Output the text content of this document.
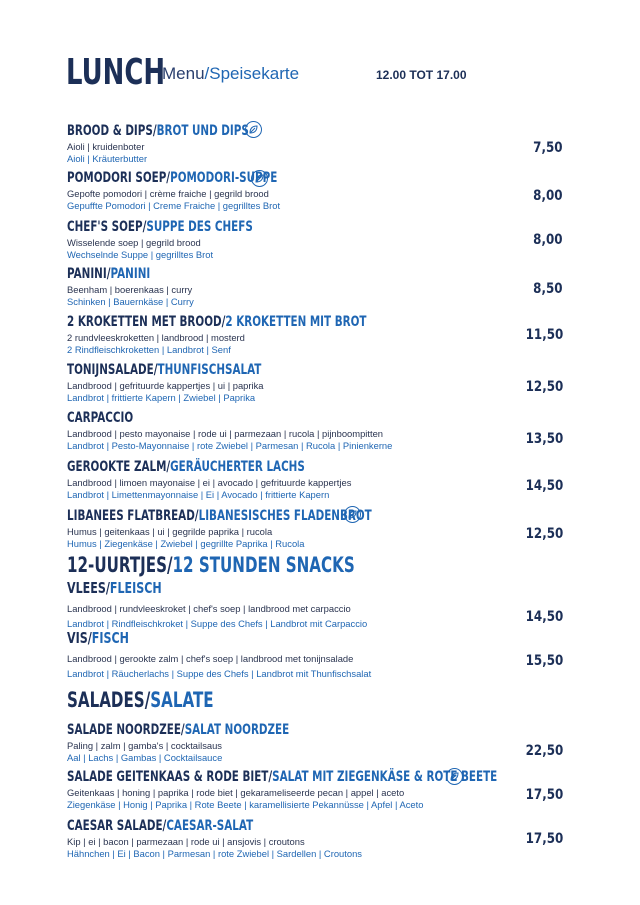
LUNCH
Menu/Speisekarte	12.00 TOT 17.00
BROOD & DIPS/BROT UND DIPS
Aioli | kruidenboter
Aioli | Kräuterbutter
7,50
POMODORI SOEP/POMODORI-SUPPE
Gepofte pomodori | crème fraiche | gegrild brood
Gepuffte Pomodori | Creme Fraiche | gegrilltes Brot
8,00
CHEF'S SOEP/SUPPE DES CHEFS
Wisselende soep | gegrild brood
Wechselnde Suppe | gegrilltes Brot
8,00
PANINI/PANINI
Beenham | boerenkaas | curry
Schinken | Bauernkäse | Curry
8,50
2 KROKETTEN MET BROOD/2 KROKETTEN MIT BROT
2 rundvleeskroketten | landbrood | mosterd
2 Rindfleischkroketten | Landbrot | Senf
11,50
TONIJNSALADE/THUNFISCHSALAT
Landbrood | gefrituurde kappertjes | ui | paprika
Landbrot | frittierte Kapern | Zwiebel | Paprika
12,50
CARPACCIO
Landbrood | pesto mayonaise | rode ui | parmezaan | rucola | pijnboompitten
Landbrot | Pesto-Mayonnaise | rote Zwiebel | Parmesan | Rucola | Pinienkerne	13,50
GEROOKTE ZALM/GERÄUCHERTER LACHS
Landbrood | limoen mayonaise | ei | avocado | gefrituurde kappertjes
Landbrot | Limettenmayonnaise | Ei | Avocado | frittierte Kapern
14,50
LIBANEES FLATBREAD/LIBANESISCHES FLADENBROT
Humus | geitenkaas | ui | gegrilde paprika | rucola
Humus | Ziegenkäse | Zwiebel | gegrillte Paprika | Rucola
12,50
12-UURTJES/12 STUNDEN SNACKS
VLEES/FLEISCH
Landbrood | rundvleeskroket | chef's soep | landbrood met carpaccio
Landbrot | Rindfleischkroket | Suppe des Chefs | Landbrot mit Carpaccio	14,50
VIS/FISCH
Landbrood | gerookte zalm | chef's soep | landbrood met tonijnsalade
Landbrot | Räucherlachs | Suppe des Chefs | Landbrot mit Thunfischsalat
15,50
SALADES/SALATE
SALADE NOORDZEE/SALAT NOORDZEE
Paling | zalm | gamba's | cocktailsaus
Aal | Lachs | Gambas | Cocktailsauce	22,50
SALADE GEITENKAAS & RODE BIET/SALAT MIT ZIEGENKÄSE & ROTE BEETE
Geitenkaas | honing | paprika | rode biet | gekarameliseerde pecan | appel | aceto
Ziegenkäse | Honig | Paprika | Rote Beete | karamellisierte Pekannüsse | Apfel | Aceto
17,50
CAESAR SALADE/CAESAR-SALAT
Kip | ei | bacon | parmezaan | rode ui | ansjovis | croutons
Hähnchen | Ei | Bacon | Parmesan | rote Zwiebel | Sardellen | Croutons
17,50
